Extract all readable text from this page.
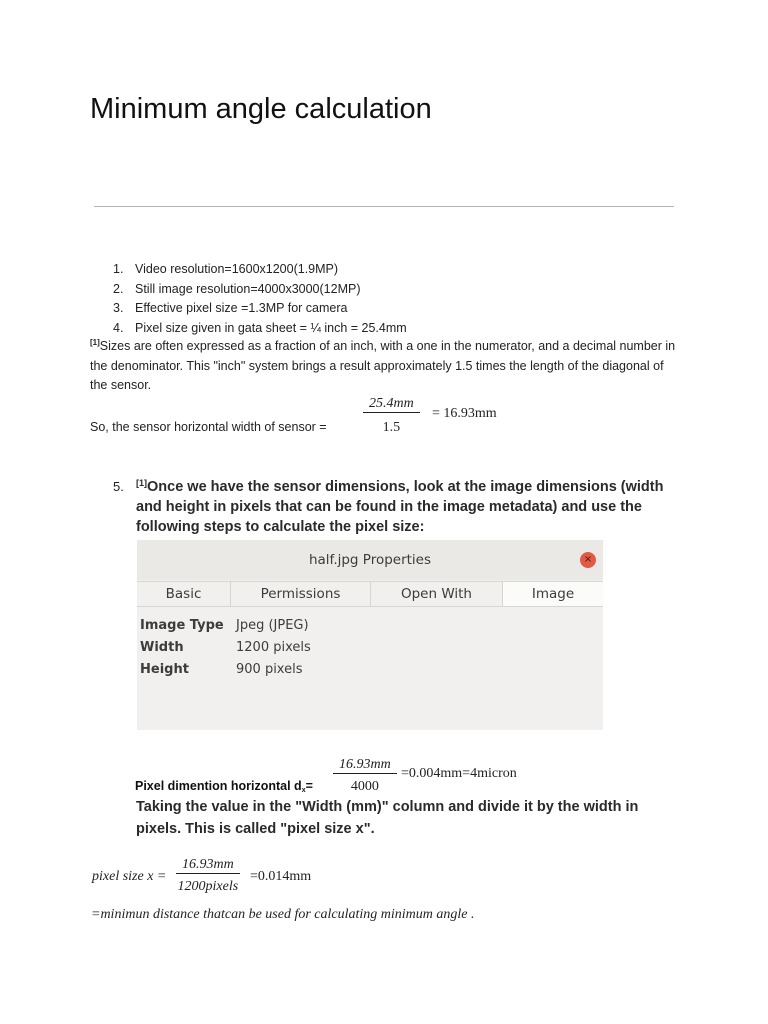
Minimum angle calculation
1. Video resolution=1600x1200(1.9MP)
2. Still image resolution=4000x3000(12MP)
3. Effective pixel size =1.3MP for camera
4. Pixel size given in gata sheet = ¼ inch = 25.4mm
[1]Sizes are often expressed as a fraction of an inch, with a one in the numerator, and a decimal number in the denominator. This "inch" system brings a result approximately 1.5 times the length of the diagonal of the sensor.
25.4mm
1.5
= 16.93mm
So, the sensor horizontal width of sensor =
5. [1]Once we have the sensor dimensions, look at the image dimensions (width and height in pixels that can be found in the image metadata) and use the following steps to calculate the pixel size:
half.jpg Properties	×
Basic	Permissions	Open With	Image
Image Type Jpeg (JPEG)
Width	1200 pixels
Height	900 pixels
16.93mm
4000
=0.004mm=4micron
Pixel dimention horizontal $d_x=$
Taking the value in the "Width (mm)" column and divide it by the width in pixels. This is called "pixel size x".
pixel size x =
16.93mm
1200pixels
=0.014mm
=minimun distance thatcan be used for calculating minimum angle .
